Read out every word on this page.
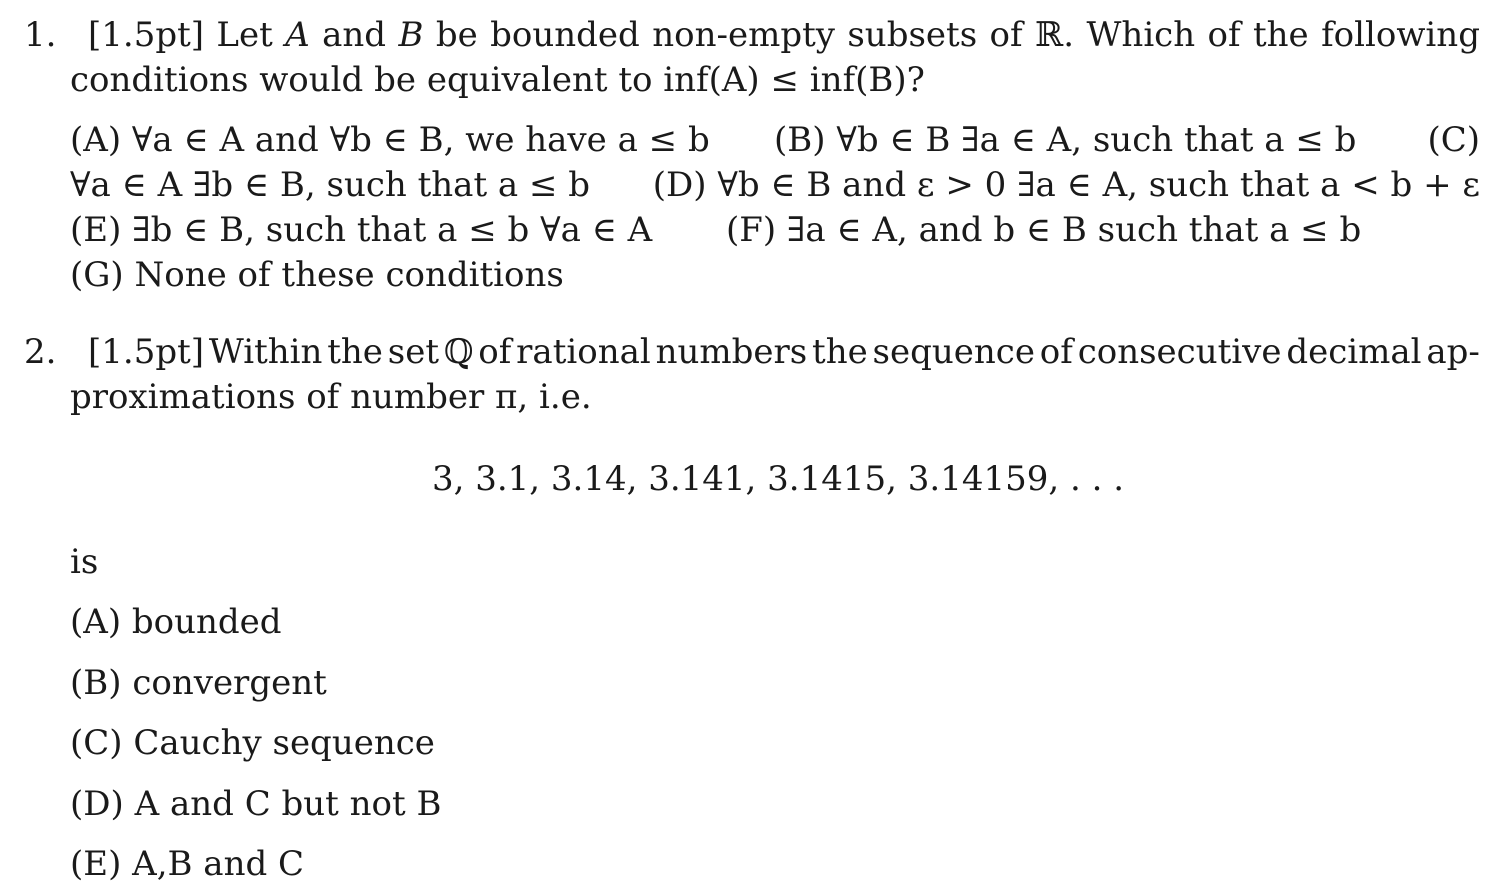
1. [1.5pt] Let A and B be bounded non-empty subsets of ℝ. Which of the following
conditions would be equivalent to inf(A) ≤ inf(B)?
(A) ∀a ∈ A and ∀b ∈ B, we have a ≤ b (B) ∀b ∈ B ∃a ∈ A, such that a ≤ b (C)
∀a ∈ A ∃b ∈ B, such that a ≤ b (D) ∀b ∈ B and ε > 0 ∃a ∈ A, such that a < b + ε
(E) ∃b ∈ B, such that a ≤ b ∀a ∈ A (F) ∃a ∈ A, and b ∈ B such that a ≤ b
(G) None of these conditions
2. [1.5pt] Within the set ℚ of rational numbers the sequence of consecutive decimal ap-
proximations of number π, i.e.
3, 3.1, 3.14, 3.141, 3.1415, 3.14159, . . .
is
(A) bounded
(B) convergent
(C) Cauchy sequence
(D) A and C but not B
(E) A,B and C
